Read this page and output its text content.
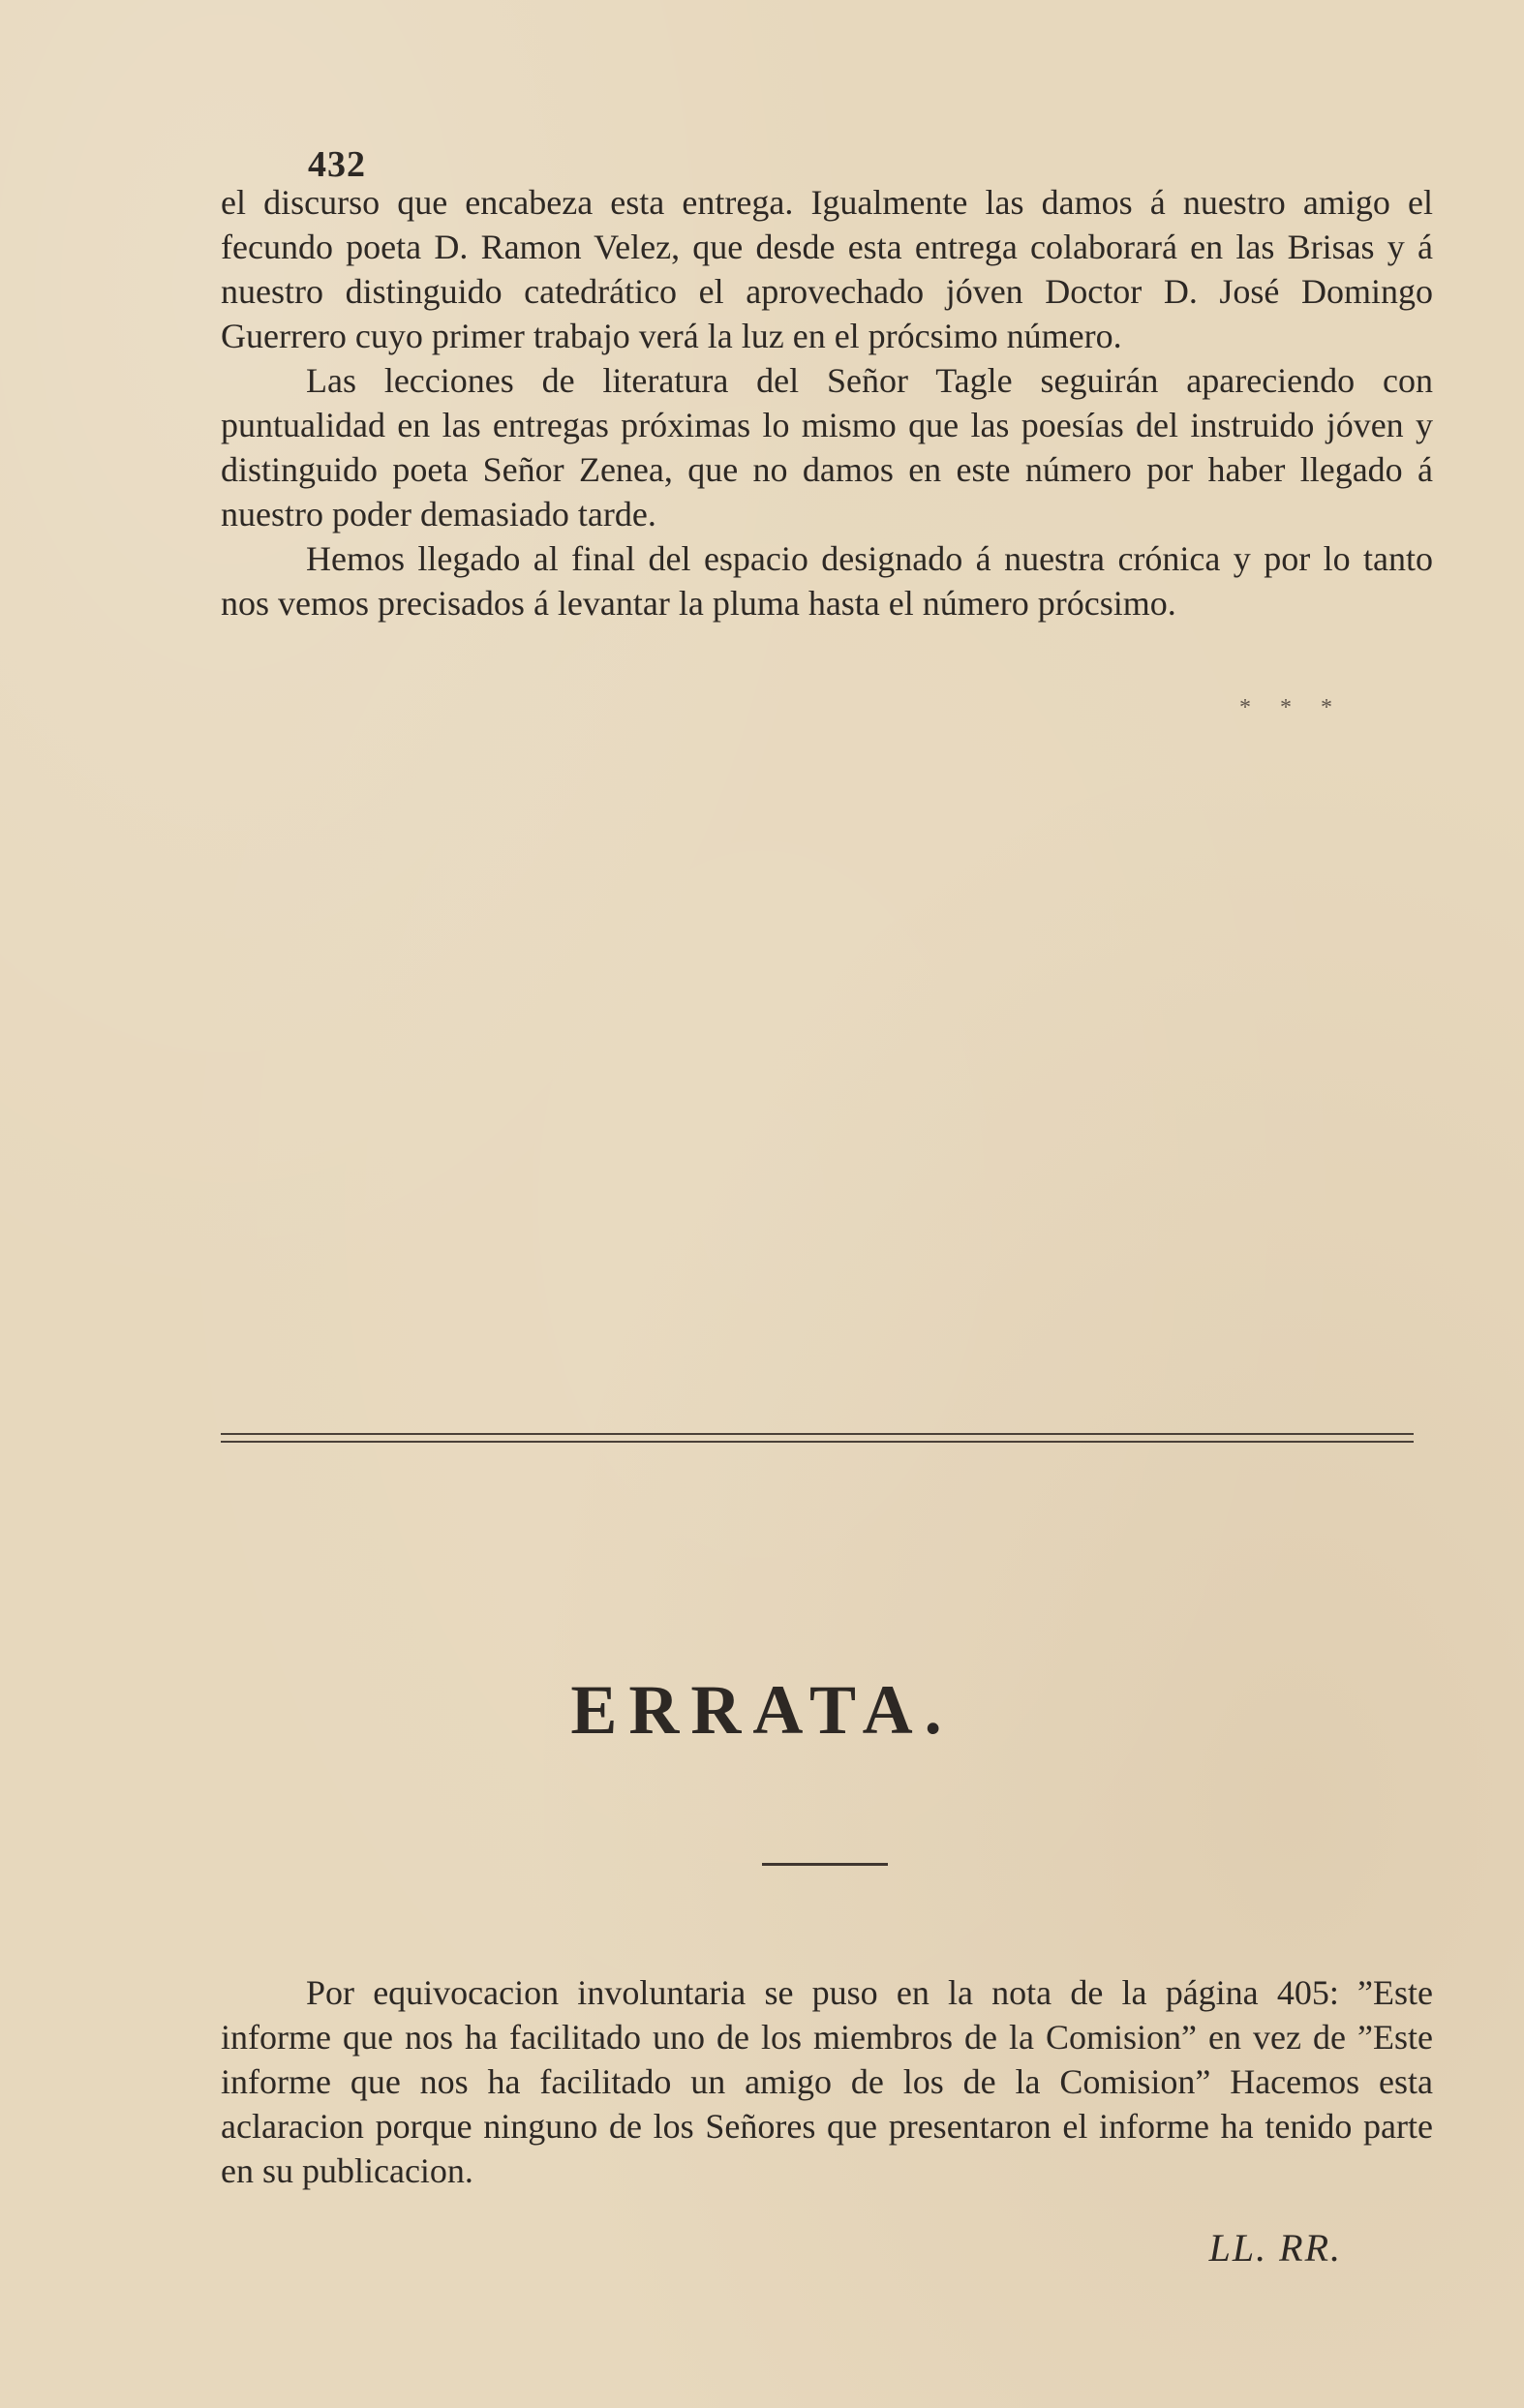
432

el discurso que encabeza esta entrega. Igualmente las damos á nuestro amigo el fecundo poeta D. Ramon Velez, que desde esta entrega colaborará en las Brisas y á nuestro distinguido catedrático el aprovechado jóven Doctor D. José Domingo Guerrero cuyo primer trabajo verá la luz en el prócsimo número.

Las lecciones de literatura del Señor Tagle seguirán apareciendo con puntualidad en las entregas próximas lo mismo que las poesías del instruido jóven y distinguido poeta Señor Zenea, que no damos en este número por haber llegado á nuestro poder demasiado tarde.

Hemos llegado al final del espacio designado á nuestra crónica y por lo tanto nos vemos precisados á levantar la pluma hasta el número prócsimo.

* * *
ERRATA.

Por equivocacion involuntaria se puso en la nota de la página 405: ”Este informe que nos ha facilitado uno de los miembros de la Comision” en vez de ”Este informe que nos ha facilitado un amigo de los de la Comision” Hacemos esta aclaracion porque ninguno de los Señores que presentaron el informe ha tenido parte en su publicacion.

LL. RR.
